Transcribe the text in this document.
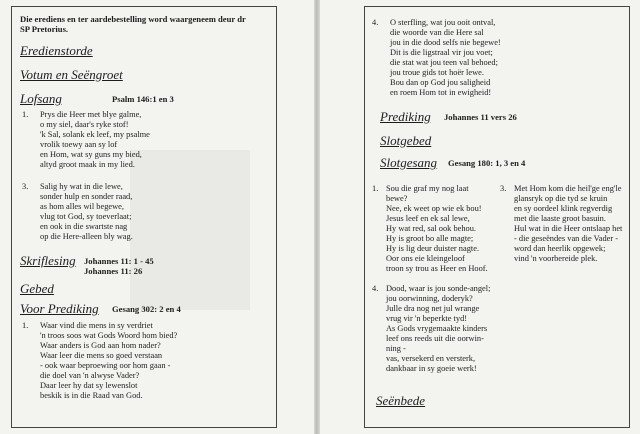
Die erediens en ter aardebestelling word waargeneem deur dr
SP Pretorius.
Eredienstorde
Votum en Seëngroet
Lofsang	Psalm 146:1 en 3
1. Prys die Heer met blye galme,
o my siel, daar's ryke stof!
'k Sal, solank ek leef, my psalme
vrolik toewy aan sy lof
en Hom, wat sy guns my bied,
altyd groot maak in my lied.
3. Salig hy wat in die lewe,
sonder hulp en sonder raad,
as hom alles wil begewe,
vlug tot God, sy toeverlaat;
en ook in die swartste nag
op die Here-alleen bly wag.
Skriflesing Johannes 11: 1 - 45
Johannes 11: 26
Gebed
Voor Prediking Gesang 302: 2 en 4
1. Waar vind die mens in sy verdriet
'n troos soos wat Gods Woord hom bied?
Waar anders is God aan hom nader?
Waar leer die mens so goed verstaan
- ook waar beproewing oor hom gaan -
die doel van 'n alwyse Vader?
Daar leer hy dat sy lewenslot
beskik is in die Raad van God.
4. O sterfling, wat jou ooit ontval,
die woorde van die Here sal
jou in die dood selfs nie begewe!
Dit is die ligstraal vir jou voet;
die stat wat jou teen val behoed;
jou troue gids tot hoër lewe.
Bou dan op God jou saligheid
en roem Hom tot in ewigheid!
Prediking Johannes 11 vers 26
Slotgebed
Slotgesang Gesang 180: 1, 3 en 4
1. Sou die graf my nog laat
bewe?
Nee, ek weet op wie ek bou!
Jesus leef en ek sal lewe,
Hy wat red, sal ook behou.
Hy is groot bo alle magte;
Hy is lig deur duister nagte.
Oor ons eie kleingeloof
troon sy trou as Heer en Hoof.
3. Met Hom kom die heil'ge eng'le
glansryk op die tyd se kruin
en sy oordeel klink regverdig
met die laaste groot basuin.
Hul wat in die Heer ontslaap het
- die geseëndes van die Vader -
word dan heerlik opgewek;
vind 'n voorbereide plek.
4. Dood, waar is jou sonde-angel;
jou oorwinning, doderyk?
Julle dra nog net jul wrange
vrug vir 'n beperkte tyd!
As Gods vrygemaakte kinders
leef ons reeds uit die oorwin-
ning -
vas, versekerd en versterk,
dankbaar in sy goeie werk!
Seënbede
